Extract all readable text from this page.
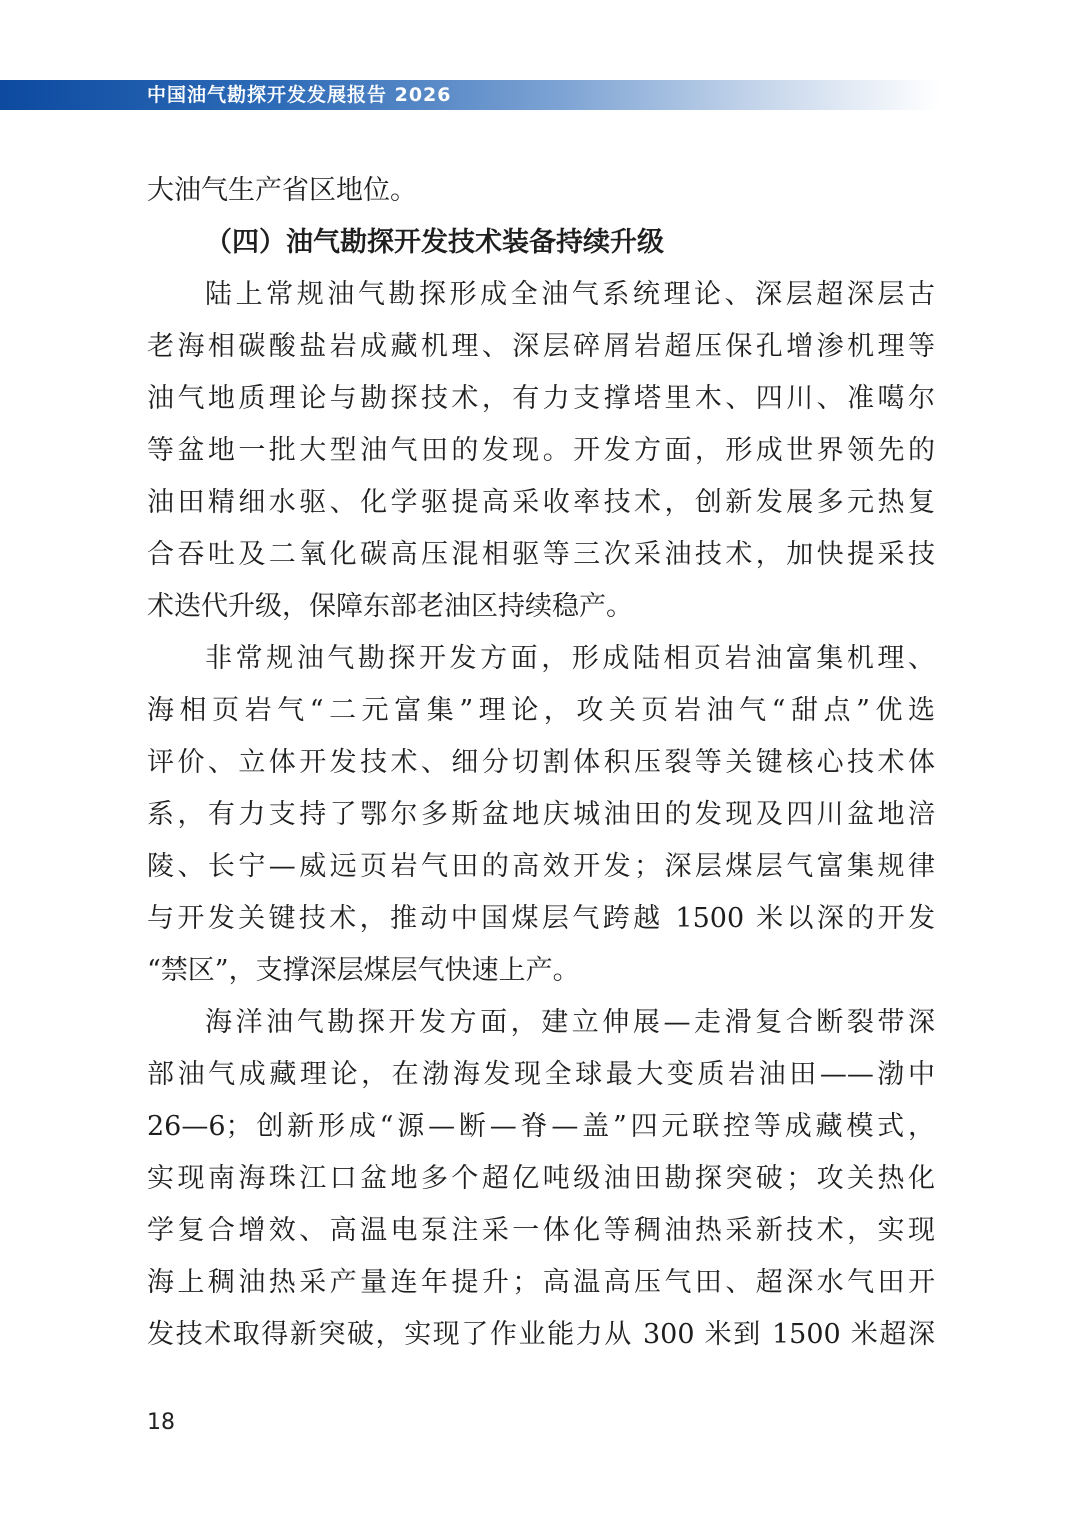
中国油气勘探开发发展报告 2026
大油气生产省区地位。
（四）油气勘探开发技术装备持续升级
陆上常规油气勘探形成全油气系统理论、深层超深层古
老海相碳酸盐岩成藏机理、深层碎屑岩超压保孔增渗机理等
油气地质理论与勘探技术，有力支撑塔里木、四川、准噶尔
等盆地一批大型油气田的发现。开发方面，形成世界领先的
油田精细水驱、化学驱提高采收率技术，创新发展多元热复
合吞吐及二氧化碳高压混相驱等三次采油技术，加快提采技
术迭代升级，保障东部老油区持续稳产。
非常规油气勘探开发方面，形成陆相页岩油富集机理、
海相页岩气“二元富集”理论，攻关页岩油气“甜点”优选
评价、立体开发技术、细分切割体积压裂等关键核心技术体
系，有力支持了鄂尔多斯盆地庆城油田的发现及四川盆地涪
陵、长宁—威远页岩气田的高效开发；深层煤层气富集规律
与开发关键技术，推动中国煤层气跨越 1500 米以深的开发
“禁区”，支撑深层煤层气快速上产。
海洋油气勘探开发方面，建立伸展—走滑复合断裂带深
部油气成藏理论，在渤海发现全球最大变质岩油田——渤中
26—6；创新形成“源—断—脊—盖”四元联控等成藏模式，
实现南海珠江口盆地多个超亿吨级油田勘探突破；攻关热化
学复合增效、高温电泵注采一体化等稠油热采新技术，实现
海上稠油热采产量连年提升；高温高压气田、超深水气田开
发技术取得新突破，实现了作业能力从 300 米到 1500 米超深
18
